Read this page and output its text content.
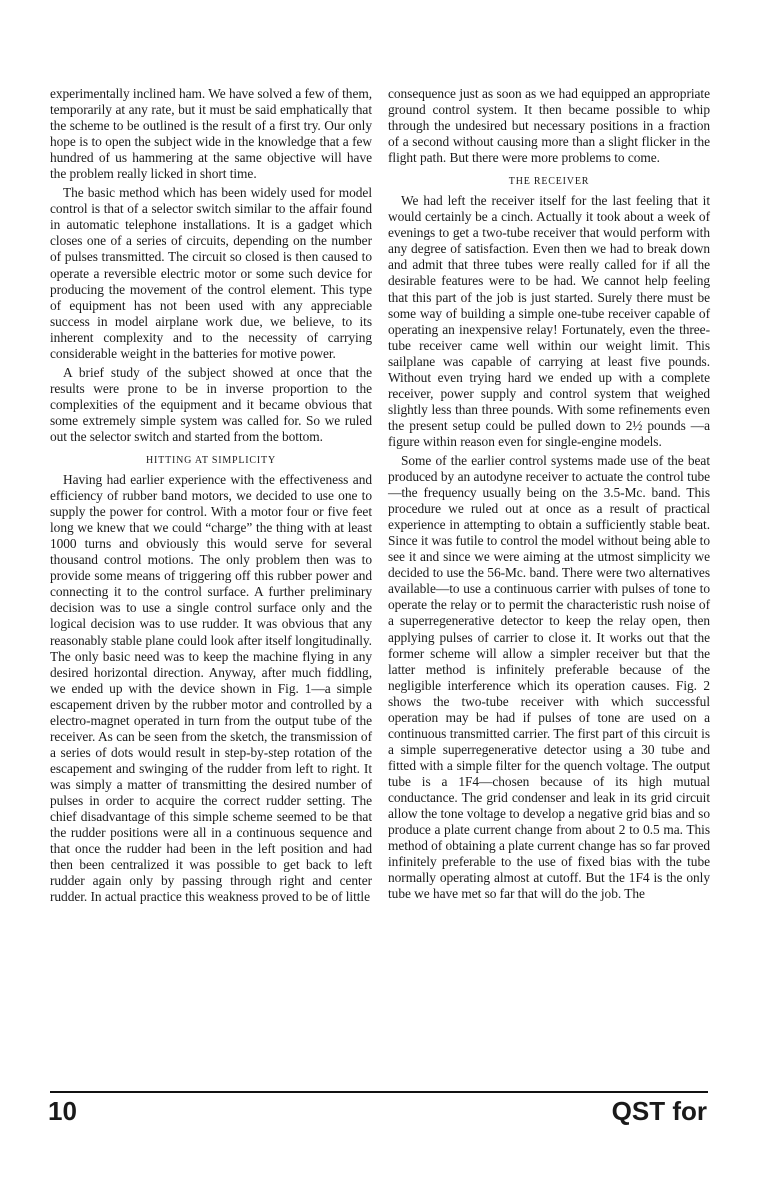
experimentally inclined ham. We have solved a few of them, temporarily at any rate, but it must be said emphatically that the scheme to be outlined is the result of a first try. Our only hope is to open the subject wide in the knowledge that a few hundred of us hammering at the same objective will have the problem really licked in short time.

The basic method which has been widely used for model control is that of a selector switch similar to the affair found in automatic telephone installations. It is a gadget which closes one of a series of circuits, depending on the number of pulses transmitted. The circuit so closed is then caused to operate a reversible electric motor or some such device for producing the movement of the control element. This type of equipment has not been used with any appreciable success in model airplane work due, we believe, to its inherent complexity and to the necessity of carrying considerable weight in the batteries for motive power.

A brief study of the subject showed at once that the results were prone to be in inverse proportion to the complexities of the equipment and it became obvious that some extremely simple system was called for. So we ruled out the selector switch and started from the bottom.

HITTING AT SIMPLICITY

Having had earlier experience with the effectiveness and efficiency of rubber band motors, we decided to use one to supply the power for control. With a motor four or five feet long we knew that we could “charge” the thing with at least 1000 turns and obviously this would serve for several thousand control motions. The only problem then was to provide some means of triggering off this rubber power and connecting it to the control surface. A further preliminary decision was to use a single control surface only and the logical decision was to use rudder. It was obvious that any reasonably stable plane could look after itself longitudinally. The only basic need was to keep the machine flying in any desired horizontal direction. Anyway, after much fiddling, we ended up with the device shown in Fig. 1—a simple escapement driven by the rubber motor and controlled by a electro-magnet operated in turn from the output tube of the receiver. As can be seen from the sketch, the transmission of a series of dots would result in step-by-step rotation of the escapement and swinging of the rudder from left to right. It was simply a matter of transmitting the desired number of pulses in order to acquire the correct rudder setting. The chief disadvantage of this simple scheme seemed to be that the rudder positions were all in a continuous sequence and that once the rudder had been in the left position and had then been centralized it was possible to get back to left rudder again only by passing through right and center rudder. In actual practice this weakness proved to be of little

consequence just as soon as we had equipped an appropriate ground control system. It then became possible to whip through the undesired but necessary positions in a fraction of a second without causing more than a slight flicker in the flight path. But there were more problems to come.

THE RECEIVER

We had left the receiver itself for the last feeling that it would certainly be a cinch. Actually it took about a week of evenings to get a two-tube receiver that would perform with any degree of satisfaction. Even then we had to break down and admit that three tubes were really called for if all the desirable features were to be had. We cannot help feeling that this part of the job is just started. Surely there must be some way of building a simple one-tube receiver capable of operating an inexpensive relay! Fortunately, even the three-tube receiver came well within our weight limit. This sailplane was capable of carrying at least five pounds. Without even trying hard we ended up with a complete receiver, power supply and control system that weighed slightly less than three pounds. With some refinements even the present setup could be pulled down to 2½ pounds —a figure within reason even for single-engine models.

Some of the earlier control systems made use of the beat produced by an autodyne receiver to actuate the control tube—the frequency usually being on the 3.5-Mc. band. This procedure we ruled out at once as a result of practical experience in attempting to obtain a sufficiently stable beat. Since it was futile to control the model without being able to see it and since we were aiming at the utmost simplicity we decided to use the 56-Mc. band. There were two alternatives available—to use a continuous carrier with pulses of tone to operate the relay or to permit the characteristic rush noise of a superregenerative detector to keep the relay open, then applying pulses of carrier to close it. It works out that the former scheme will allow a simpler receiver but that the latter method is infinitely preferable because of the negligible interference which its operation causes. Fig. 2 shows the two-tube receiver with which successful operation may be had if pulses of tone are used on a continuous transmitted carrier. The first part of this circuit is a simple superregenerative detector using a 30 tube and fitted with a simple filter for the quench voltage. The output tube is a 1F4—chosen because of its high mutual conductance. The grid condenser and leak in its grid circuit allow the tone voltage to develop a negative grid bias and so produce a plate current change from about 2 to 0.5 ma. This method of obtaining a plate current change has so far proved infinitely preferable to the use of fixed bias with the tube normally operating almost at cutoff. But the 1F4 is the only tube we have met so far that will do the job. The

10	QST for
